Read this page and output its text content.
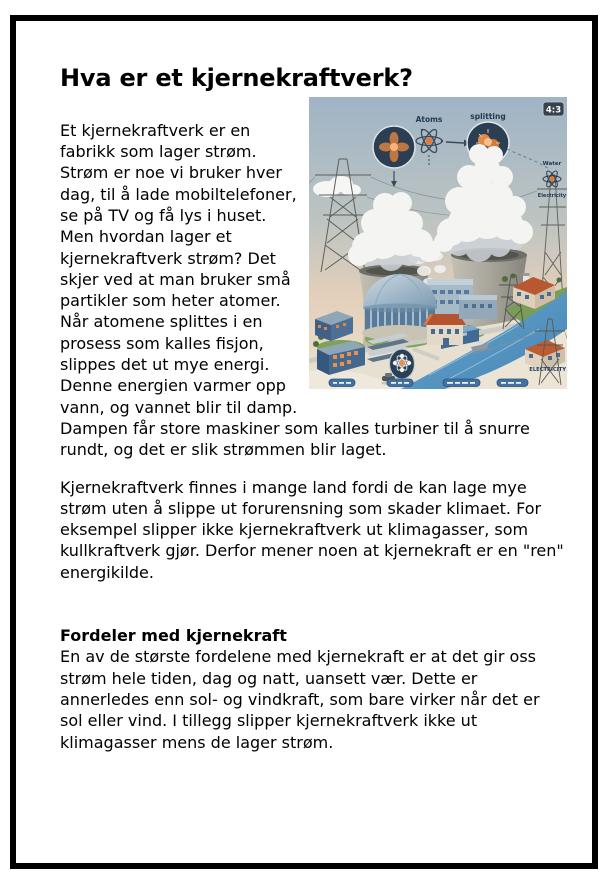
Hva er et kjernekraftverk?
Atoms	splitting
4:3
Water
Electricity
ELECTRICITY

Et kjernekraftverk er en fabrikk som lager strøm. Strøm er noe vi bruker hver dag, til å lade mobiltelefoner, se på TV og få lys i huset. Men hvordan lager et kjernekraftverk strøm? Det skjer ved at man bruker små partikler som heter atomer. Når atomene splittes i en prosess som kalles fisjon, slippes det ut mye energi. Denne energien varmer opp vann, og vannet blir til damp. Dampen får store maskiner som kalles turbiner til å snurre rundt, og det er slik strømmen blir laget.

Kjernekraftverk finnes i mange land fordi de kan lage mye strøm uten å slippe ut forurensning som skader klimaet. For eksempel slipper ikke kjernekraftverk ut klimagasser, som kullkraftverk gjør. Derfor mener noen at kjernekraft er en "ren" energikilde.

Fordeler med kjernekraft

En av de største fordelene med kjernekraft er at det gir oss strøm hele tiden, dag og natt, uansett vær. Dette er annerledes enn sol- og vindkraft, som bare virker når det er sol eller vind. I tillegg slipper kjernekraftverk ikke ut klimagasser mens de lager strøm.
